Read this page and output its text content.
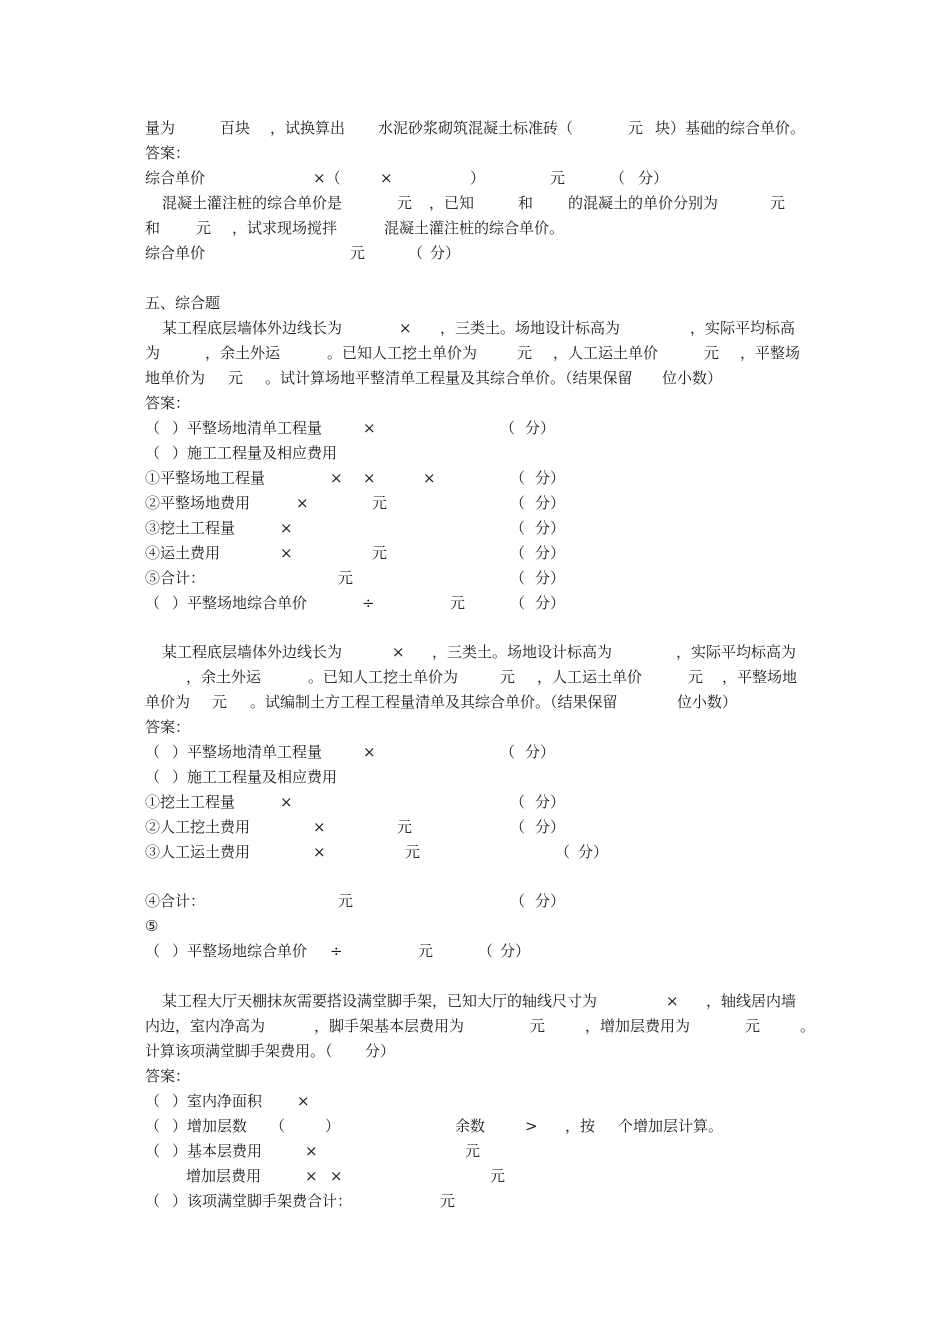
量为	百块 ，试换算出 水泥砂浆砌筑混凝土标准砖（	元 块）基础的综合单价。
答案：
综合单价	×（	×	）	元	（ 分）
混凝土灌注桩的综合单价是	元 ，已知	和 的混凝土的单价分别为	元
和 元 ，试求现场搅拌	混凝土灌注桩的综合单价。
综合单价	元	（ 分）
五、综合题
某工程底层墙体外边线长为	× ，三类土。场地设计标高为	，实际平均标高
为	，余土外运	。已知人工挖土单价为	元 ，人工运土单价	元 ，平整场
地单价为 元 。试计算场地平整清单工程量及其综合单价。（结果保留 位小数）
答案：
（ ）平整场地清单工程量	×	（ 分）
（ ）施工工程量及相应费用
①平整场地工程量	× ×	×	（ 分）
②平整场地费用	×	元	（ 分）
③挖土工程量	×	（ 分）
④运土费用	×	元	（ 分）
⑤合计：	元	（ 分）
（ ）平整场地综合单价	÷	元	（ 分）
某工程底层墙体外边线长为	× ，三类土。场地设计标高为	，实际平均标高为
，余土外运	。已知人工挖土单价为	元 ，人工运土单价	元 ，平整场地
单价为 元 。试编制土方工程工程量清单及其综合单价。（结果保留	位小数）
答案：
（ ）平整场地清单工程量	×	（ 分）
（ ）施工工程量及相应费用
①挖土工程量	×	（ 分）
②人工挖土费用	×	元	（ 分）
③人工运土费用	×	元	（ 分）
④合计：	元	（ 分）
⑤
（ ）平整场地综合单价 ÷	元	（ 分）
某工程大厅天棚抹灰需要搭设满堂脚手架，已知大厅的轴线尺寸为	× ，轴线居内墙
内边，室内净高为	，脚手架基本层费用为	元	，增加层费用为	元	。
计算该项满堂脚手架费用。（ 分）
答案：
（ ）室内净面积 ×
（ ）增加层数 （	）	余数	> ，按 个增加层计算。
（ ）基本层费用	×	元
增加层费用	× ×	元
（ ）该项满堂脚手架费合计：	元
